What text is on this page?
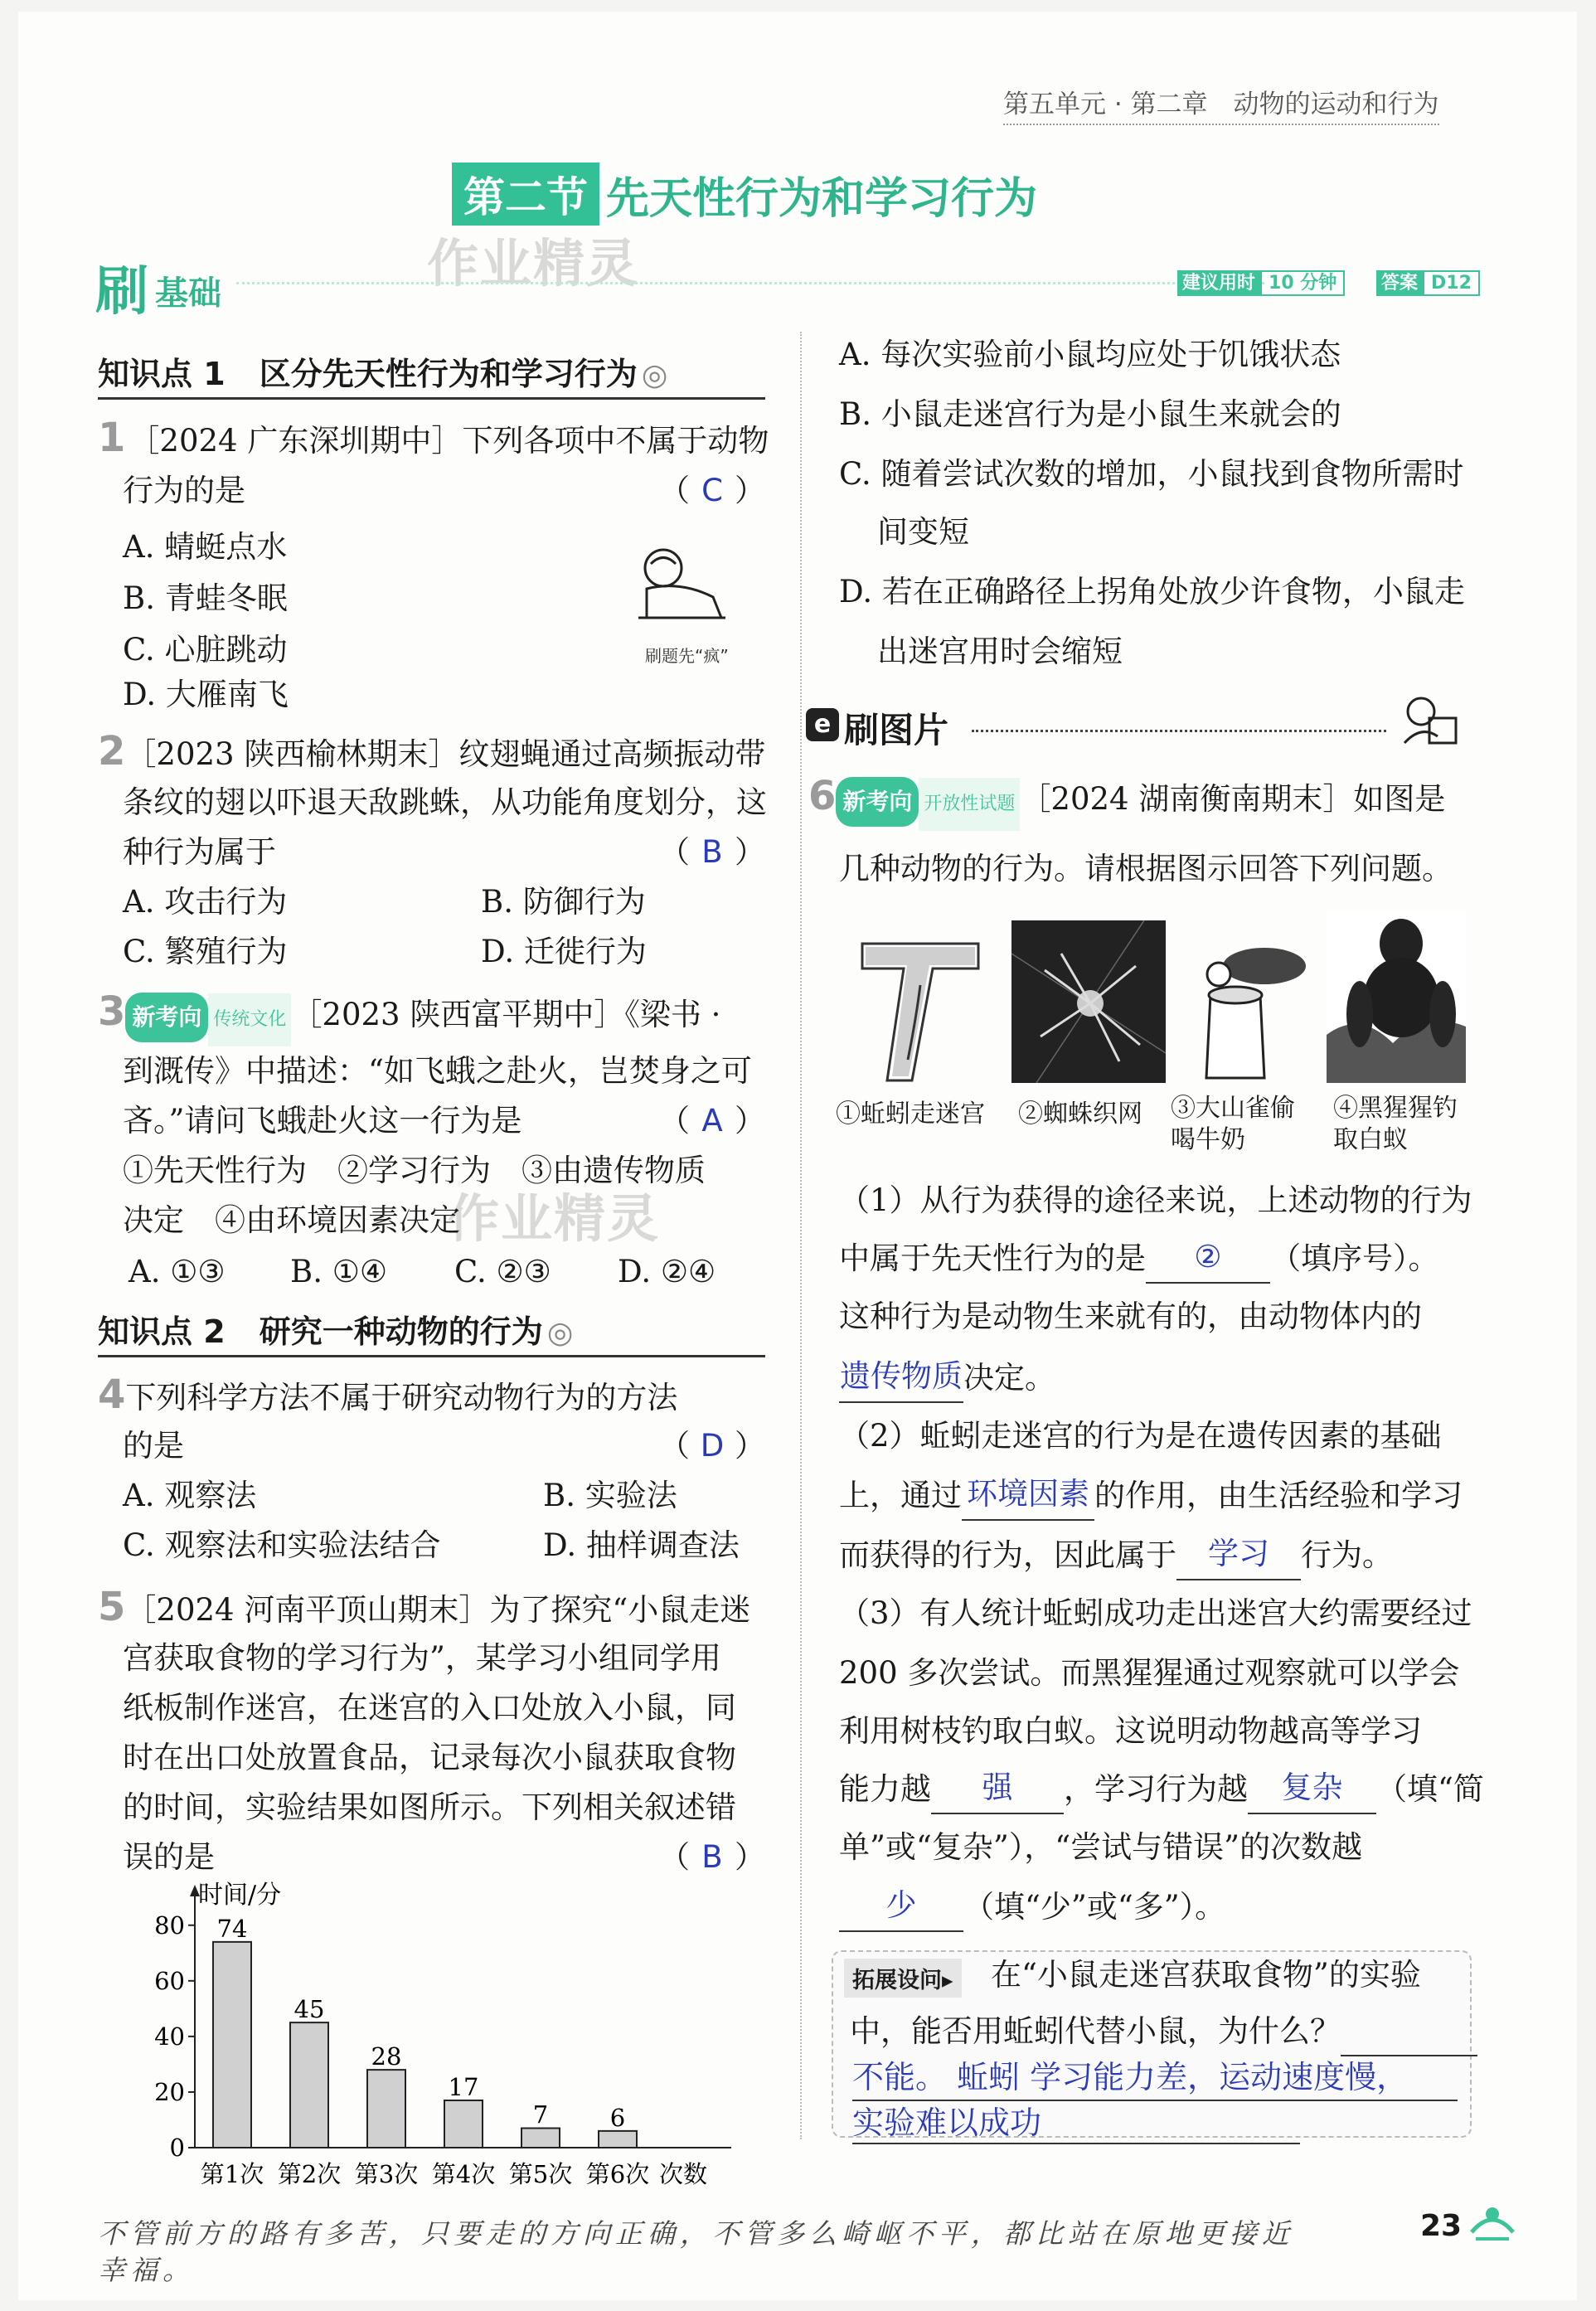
第五单元 · 第二章　动物的运动和行为
第二节 先天性行为和学习行为
作业精灵
作业精灵
刷 基础	建议用时 10 分钟	答案 D12
知识点 1 区分先天性行为和学习行为 ◎
1 ［2024 广东深圳期中］下列各项中不属于动物
行为的是	（ C ）
A. 蜻蜓点水
B. 青蛙冬眠
C. 心脏跳动
D. 大雁南飞
刷题先“疯”
2［2023 陕西榆林期末］纹翅蝇通过高频振动带
条纹的翅以吓退天敌跳蛛，从功能角度划分，这
种行为属于	（ B ）
A. 攻击行为	B. 防御行为
C. 繁殖行为	D. 迁徙行为
3 新考向 传统文化 ［2023 陕西富平期中］《梁书 ·
到溉传》中描述：“如飞蛾之赴火，岂焚身之可
吝。”请问飞蛾赴火这一行为是	（ A ）
①先天性行为　②学习行为　③由遗传物质
决定　④由环境因素决定
A. ①③ B. ①④ C. ②③ D. ②④
知识点 2 研究一种动物的行为 ◎
4下列科学方法不属于研究动物行为的方法
的是	（ D ）
A. 观察法	B. 实验法
C. 观察法和实验法结合	D. 抽样调查法
5［2024 河南平顶山期末］为了探究“小鼠走迷
宫获取食物的学习行为”，某学习小组同学用
纸板制作迷宫，在迷宫的入口处放入小鼠，同
时在出口处放置食品，记录每次小鼠获取食物
的时间，实验结果如图所示。下列相关叙述错
误的是	（ B ）
时间/分
0
20
40
60
80 74
第1次
45
第2次
28
第3次
17
第4次
7
第5次
6
第6次 次数
A. 每次实验前小鼠均应处于饥饿状态
B. 小鼠走迷宫行为是小鼠生来就会的
C. 随着尝试次数的增加，小鼠找到食物所需时
间变短
D. 若在正确路径上拐角处放少许食物，小鼠走
出迷宫用时会缩短
e 刷图片
6 新考向 开放性试题 ［2024 湖南衡南期末］如图是
几种动物的行为。请根据图示回答下列问题。
①蚯蚓走迷宫 ②蜘蛛织网 ③大山雀偷
喝牛奶
④黑猩猩钓
取白蚁
（1）从行为获得的途径来说，上述动物的行为
中属于先天性行为的是	②	（填序号）。
这种行为是动物生来就有的，由动物体内的
遗传物质 决定。
（2）蚯蚓走迷宫的行为是在遗传因素的基础
上，通过 环境因素 的作用，由生活经验和学习
而获得的行为，因此属于	学习	行为。
（3）有人统计蚯蚓成功走出迷宫大约需要经过
200 多次尝试。而黑猩猩通过观察就可以学会
利用树枝钓取白蚁。这说明动物越高等学习
能力越	强	，学习行为越	复杂	（填“简
单”或“复杂”），“尝试与错误”的次数越
少	（填“少”或“多”）。
拓展设问▸ 在“小鼠走迷宫获取食物”的实验
中，能否用蚯蚓代替小鼠，为什么？
不能。 蚯蚓 学习能力差，运动速度慢，
实验难以成功
不管前方的路有多苦，只要走的方向正确，不管多么崎岖不平，都比站在原地更接近
幸福。
23
